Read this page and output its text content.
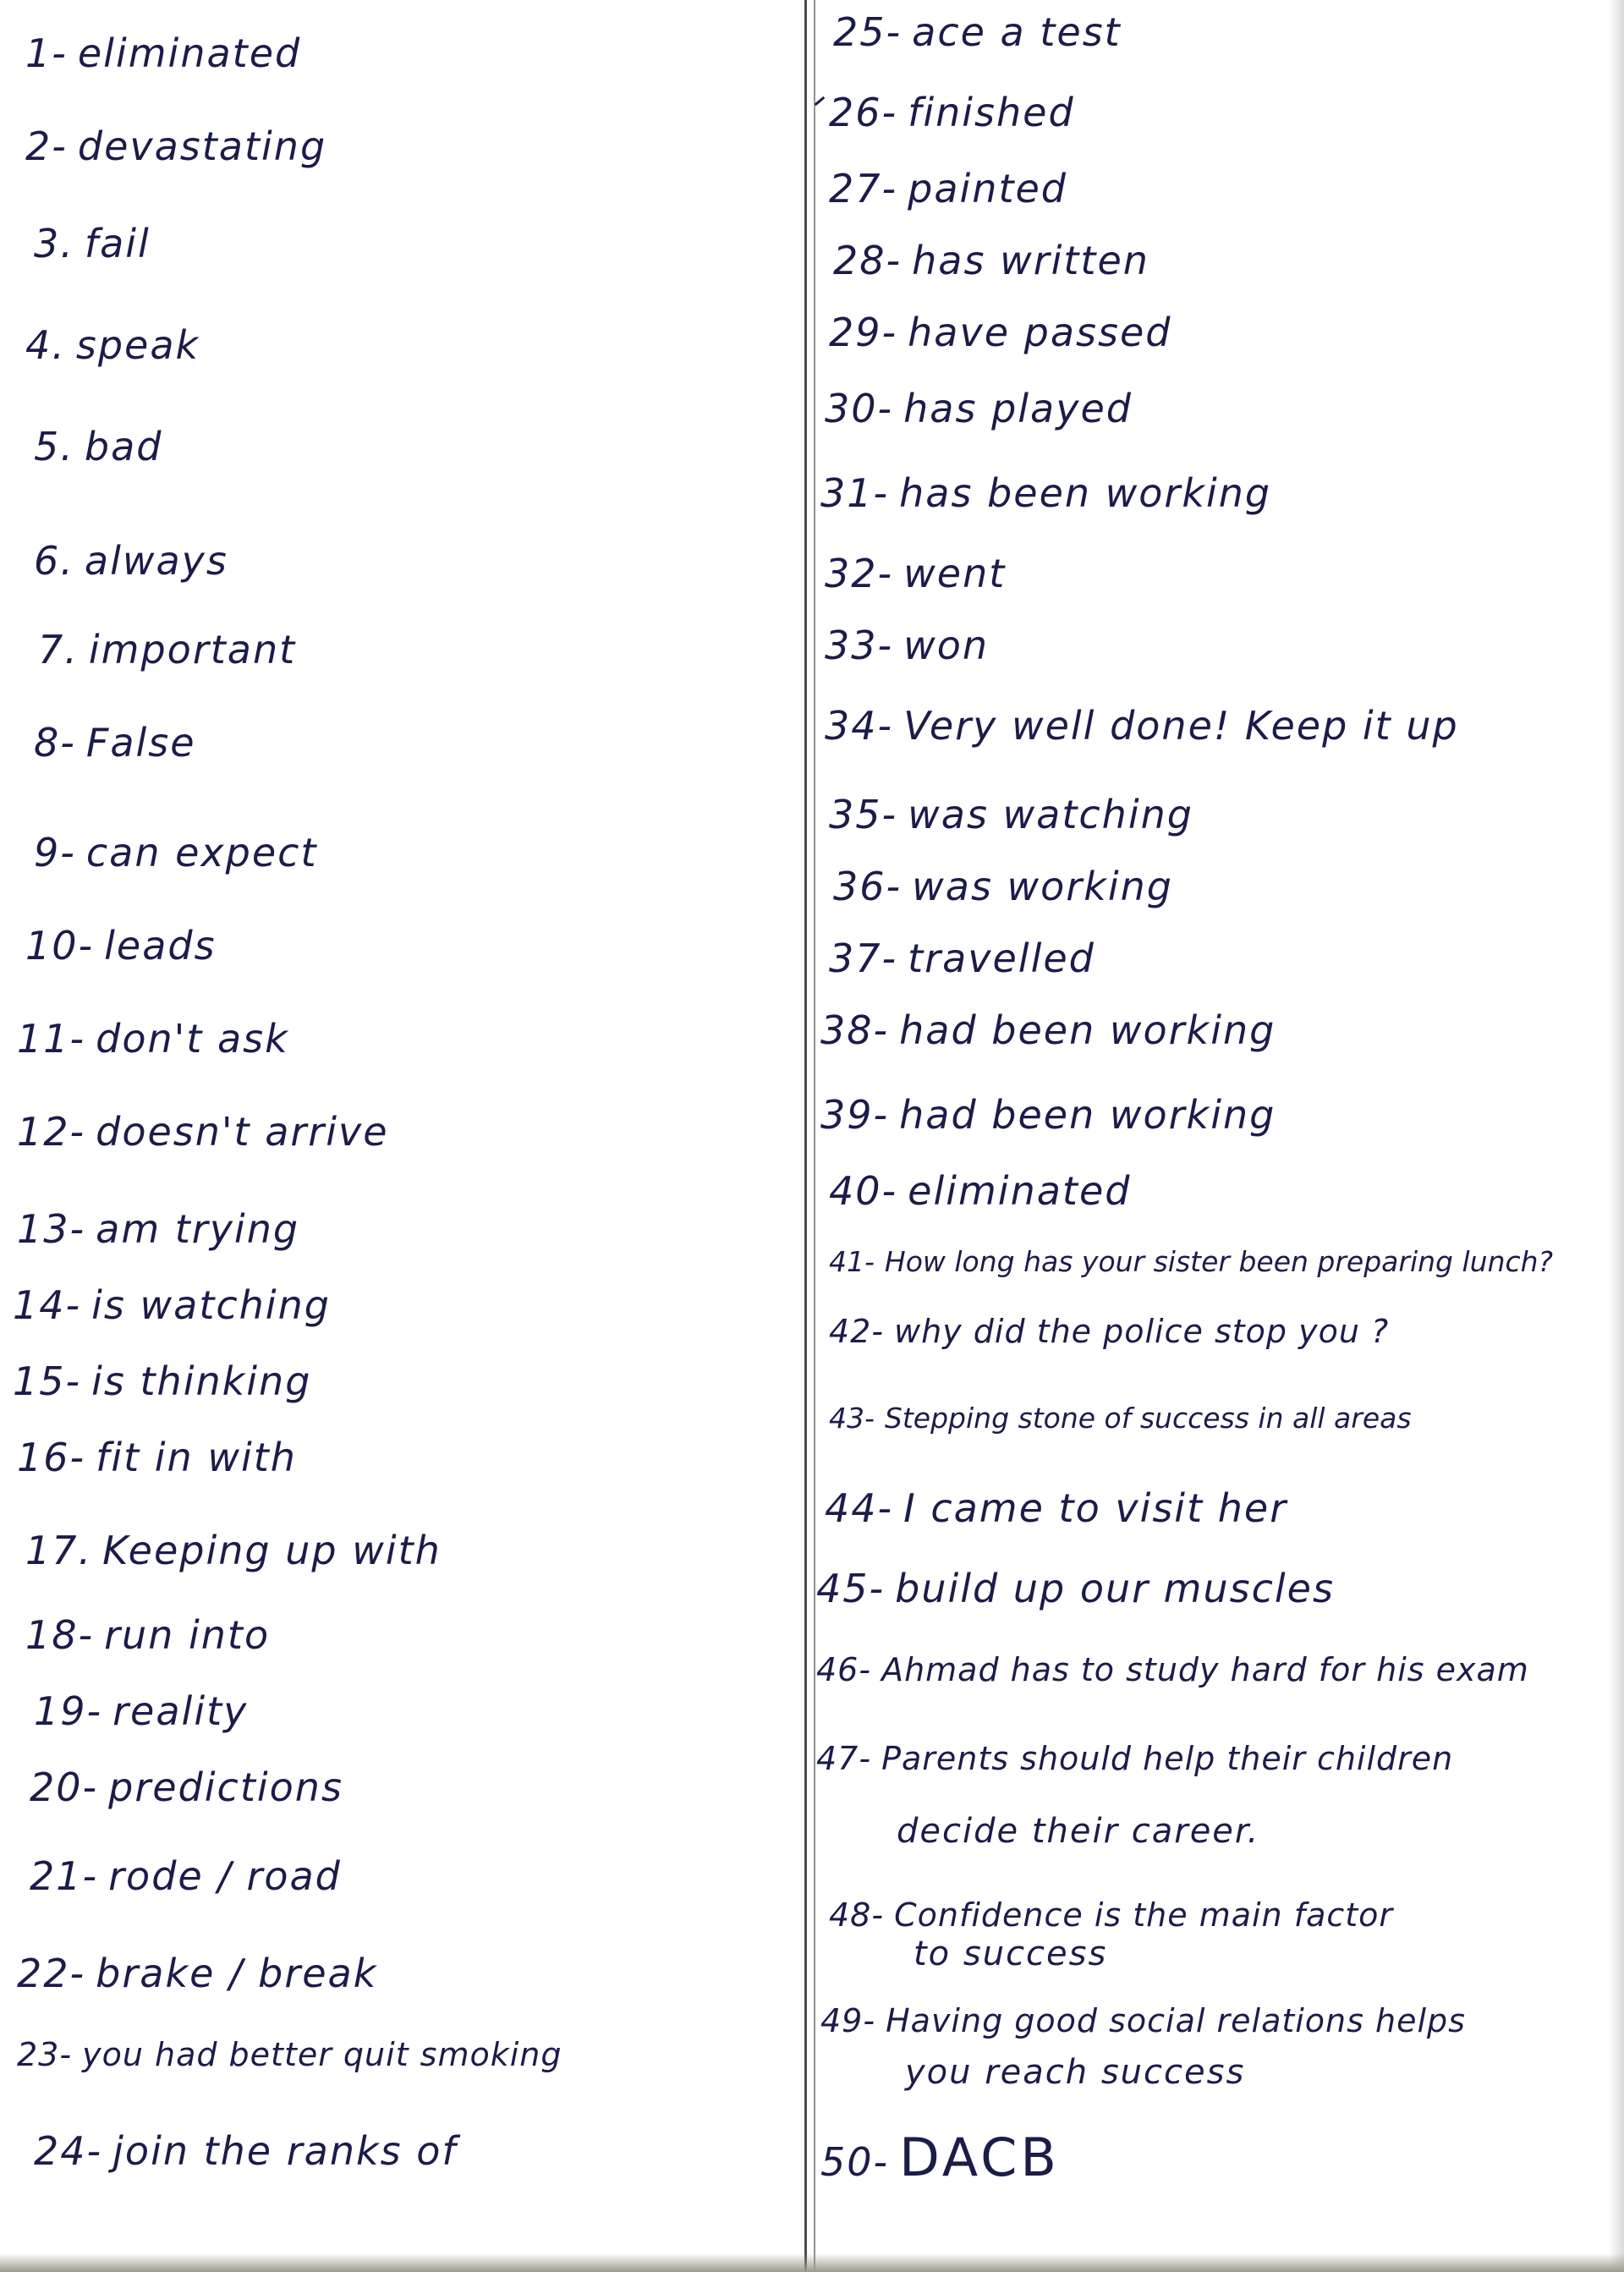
1- eliminated
2- devastating
3. fail
4. speak
5. bad
6. always
7. important
8- False
9- can expect
10- leads
11- don't ask
12- doesn't arrive
13- am trying
14- is watching
15- is thinking
16- fit in with
17. Keeping up with
18- run into
19- reality
20- predictions
21- rode / road
22- brake / break
23- you had better quit smoking
24- join the ranks of
25- ace a test
26- finished
27- painted
28- has written
29- have passed
30- has played
31- has been working
32- went
33- won
34- Very well done! Keep it up
35- was watching
36- was working
37- travelled
38- had been working
39- had been working
40- eliminated
41- How long has your sister been preparing lunch?
42- why did the police stop you ?
43- Stepping stone of success in all areas
44- I came to visit her
45- build up our muscles
46- Ahmad has to study hard for his exam
47- Parents should help their children
decide their career.
48- Confidence is the main factor
to success
49- Having good social relations helps
you reach success
50- DACB
